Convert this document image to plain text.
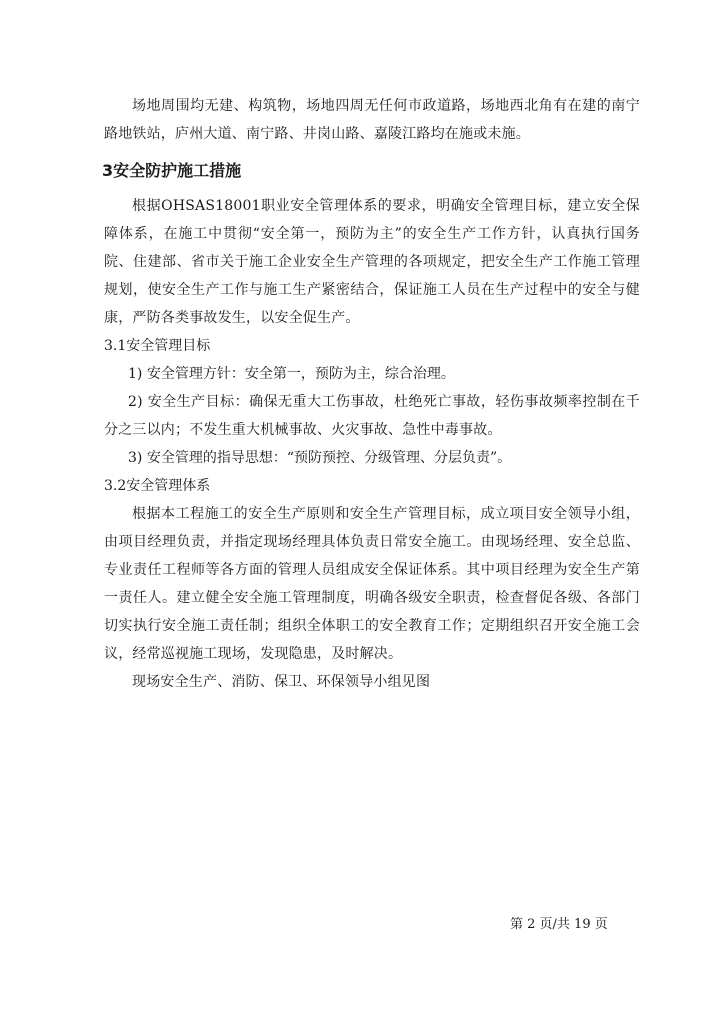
场地周围均无建、构筑物，场地四周无任何市政道路，场地西北角有在建的南宁路地铁站，庐州大道、南宁路、井岗山路、嘉陵江路均在施或未施。

3安全防护施工措施

根据OHSAS18001职业安全管理体系的要求，明确安全管理目标，建立安全保障体系，在施工中贯彻“安全第一，预防为主”的安全生产工作方针，认真执行国务院、住建部、省市关于施工企业安全生产管理的各项规定，把安全生产工作施工管理规划，使安全生产工作与施工生产紧密结合，保证施工人员在生产过程中的安全与健康，严防各类事故发生，以安全促生产。

3.1安全管理目标

1) 安全管理方针：安全第一，预防为主，综合治理。

2) 安全生产目标：确保无重大工伤事故，杜绝死亡事故，轻伤事故频率控制在千分之三以内；不发生重大机械事故、火灾事故、急性中毒事故。

3) 安全管理的指导思想：“预防预控、分级管理、分层负责”。

3.2安全管理体系

根据本工程施工的安全生产原则和安全生产管理目标，成立项目安全领导小组，由项目经理负责，并指定现场经理具体负责日常安全施工。由现场经理、安全总监、专业责任工程师等各方面的管理人员组成安全保证体系。其中项目经理为安全生产第一责任人。建立健全安全施工管理制度，明确各级安全职责，检查督促各级、各部门切实执行安全施工责任制；组织全体职工的安全教育工作；定期组织召开安全施工会议，经常巡视施工现场，发现隐患，及时解决。

现场安全生产、消防、保卫、环保领导小组见图

第 2 页/共 19 页
